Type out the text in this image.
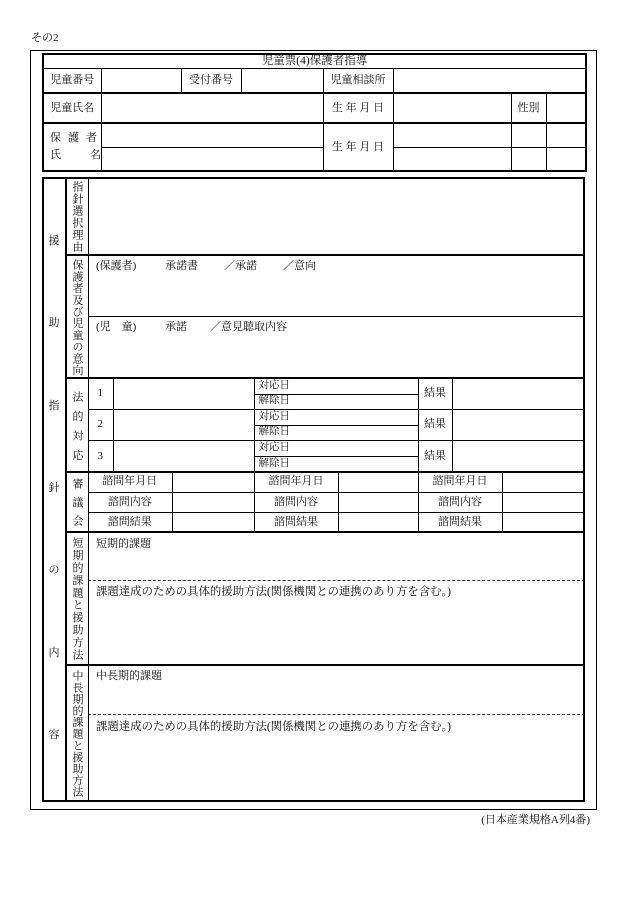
その2
児童票(4)保護者指導							
児童番号		受付番号		児童相談所			
児童氏名				生 年 月 日		性別	

保護者
氏名				生 年 月 日			

援
助
指
針
の
内
容
指針選択理由
保護者及び児童の意向	(保護者)	承諾書 ／承諾 ／意向
(児　童)	承諾 ／意見聴取内容
法的対応	1		対応日	結果	
		解除日		
2		対応日	結果	
		解除日		
3		対応日	結果	
		解除日		
審議会	諮問年月日		諮問年月日		諮問年月日	
諮問内容		諮問内容		諮問内容	
諮問結果		諮問結果		諮問結果	
短期的課題と援助方法	短期的課題
課題達成のための具体的援助方法(関係機関との連携のあり方を含む。)
中長期的課題と援助方法	中長期的課題
課題達成のための具体的援助方法(関係機関との連携のあり方を含む。)
(日本産業規格A列4番)
